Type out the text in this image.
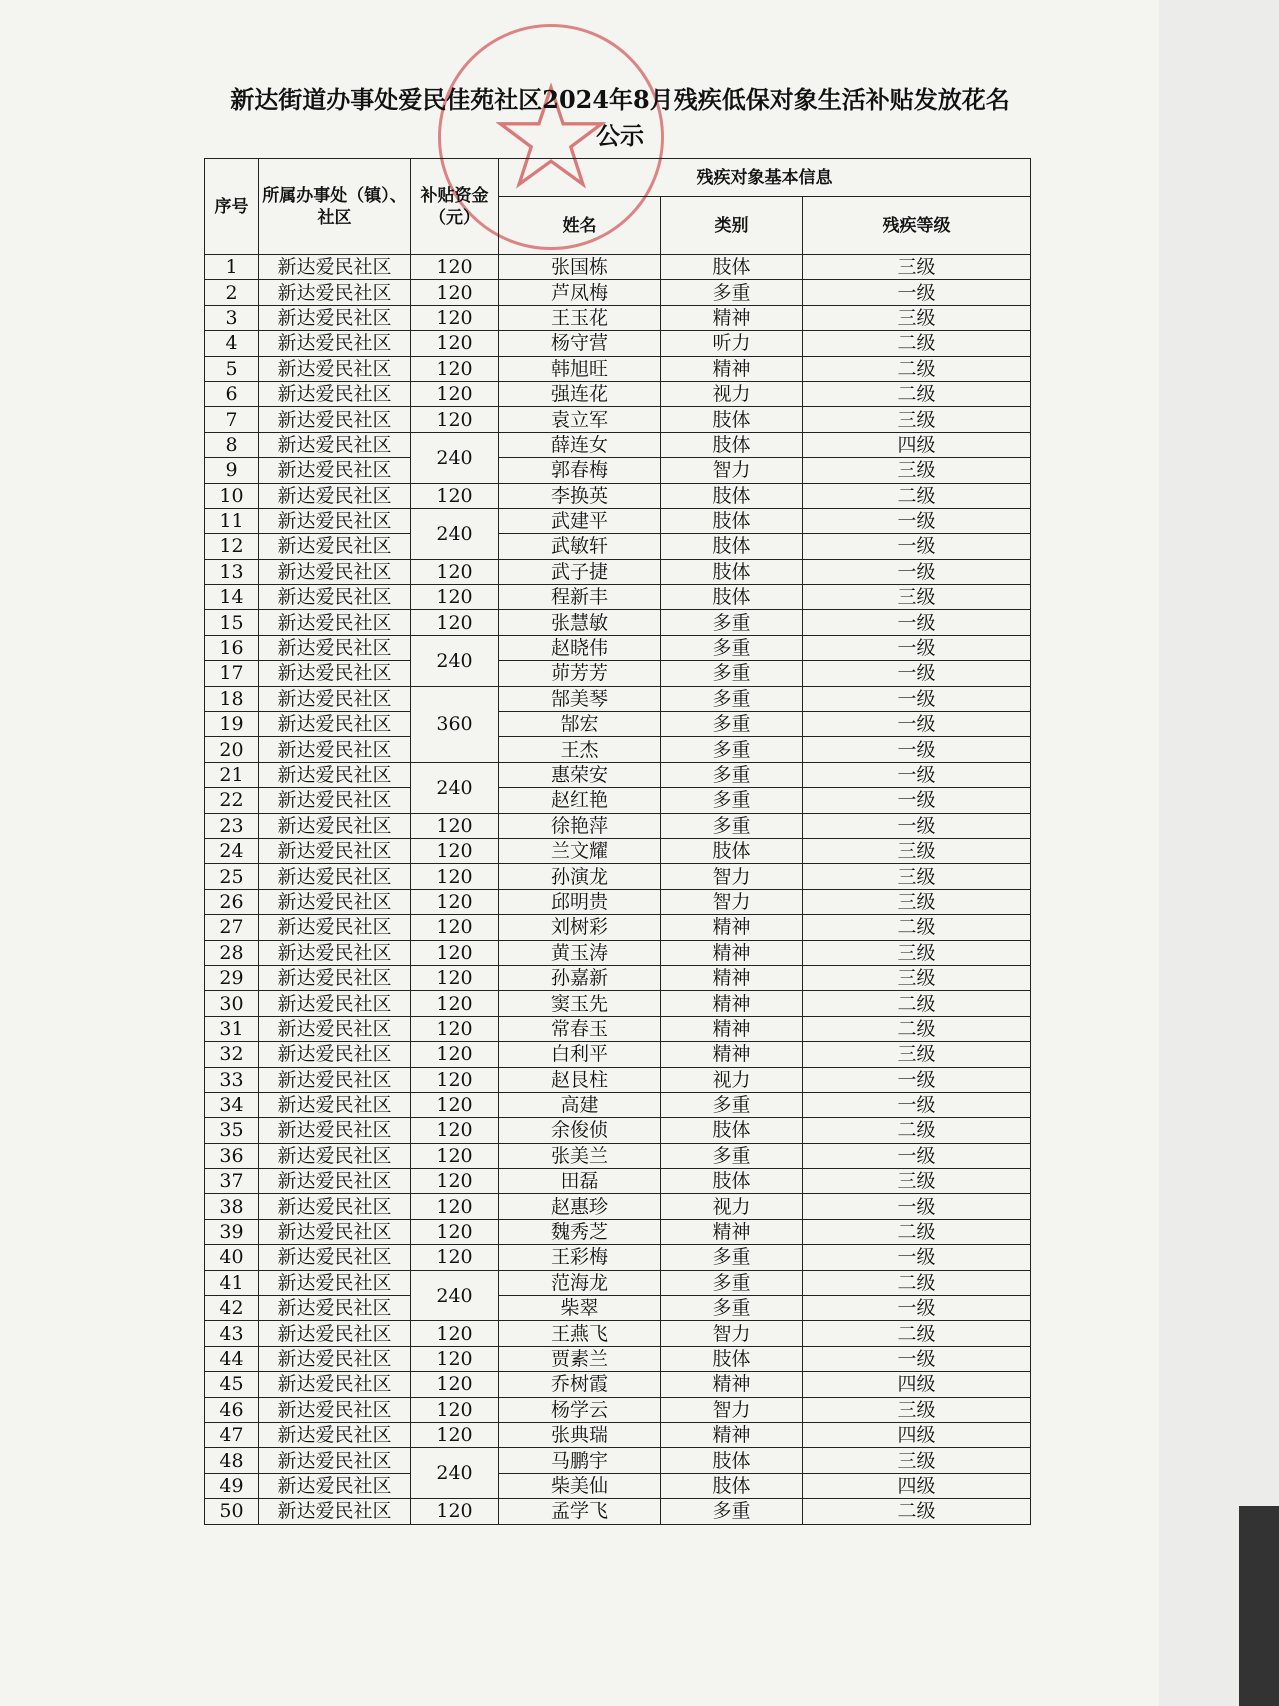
新达街道办事处爱民佳苑社区2024年8月残疾低保对象生活补贴发放花名公示
序号	所属办事处（镇）、社区	补贴资金（元）	残疾对象基本信息		
			姓名	类别	残疾等级
1	新达爱民社区	120	张国栋	肢体	三级
2	新达爱民社区	120	芦凤梅	多重	一级
3	新达爱民社区	120	王玉花	精神	三级
4	新达爱民社区	120	杨守营	听力	二级
5	新达爱民社区	120	韩旭旺	精神	二级
6	新达爱民社区	120	强连花	视力	二级
7	新达爱民社区	120	袁立军	肢体	三级
8	新达爱民社区	240	薛连女	肢体	四级
9	新达爱民社区		郭春梅	智力	三级
10	新达爱民社区	120	李换英	肢体	二级
11	新达爱民社区	240	武建平	肢体	一级
12	新达爱民社区		武敏轩	肢体	一级
13	新达爱民社区	120	武子捷	肢体	一级
14	新达爱民社区	120	程新丰	肢体	三级
15	新达爱民社区	120	张慧敏	多重	一级
16	新达爱民社区	240	赵晓伟	多重	一级
17	新达爱民社区		茆芳芳	多重	一级
18	新达爱民社区	360	郜美琴	多重	一级
19	新达爱民社区		郜宏	多重	一级
20	新达爱民社区		王杰	多重	一级
21	新达爱民社区	240	惠荣安	多重	一级
22	新达爱民社区		赵红艳	多重	一级
23	新达爱民社区	120	徐艳萍	多重	一级
24	新达爱民社区	120	兰文耀	肢体	三级
25	新达爱民社区	120	孙演龙	智力	三级
26	新达爱民社区	120	邱明贵	智力	三级
27	新达爱民社区	120	刘树彩	精神	二级
28	新达爱民社区	120	黄玉涛	精神	三级
29	新达爱民社区	120	孙嘉新	精神	三级
30	新达爱民社区	120	窦玉先	精神	二级
31	新达爱民社区	120	常春玉	精神	二级
32	新达爱民社区	120	白利平	精神	三级
33	新达爱民社区	120	赵艮柱	视力	一级
34	新达爱民社区	120	高建	多重	一级
35	新达爱民社区	120	余俊侦	肢体	二级
36	新达爱民社区	120	张美兰	多重	一级
37	新达爱民社区	120	田磊	肢体	三级
38	新达爱民社区	120	赵惠珍	视力	一级
39	新达爱民社区	120	魏秀芝	精神	二级
40	新达爱民社区	120	王彩梅	多重	一级
41	新达爱民社区	240	范海龙	多重	二级
42	新达爱民社区		柴翠	多重	一级
43	新达爱民社区	120	王燕飞	智力	二级
44	新达爱民社区	120	贾素兰	肢体	一级
45	新达爱民社区	120	乔树霞	精神	四级
46	新达爱民社区	120	杨学云	智力	三级
47	新达爱民社区	120	张典瑞	精神	四级
48	新达爱民社区	240	马鹏宇	肢体	三级
49	新达爱民社区		柴美仙	肢体	四级
50	新达爱民社区	120	孟学飞	多重	二级
